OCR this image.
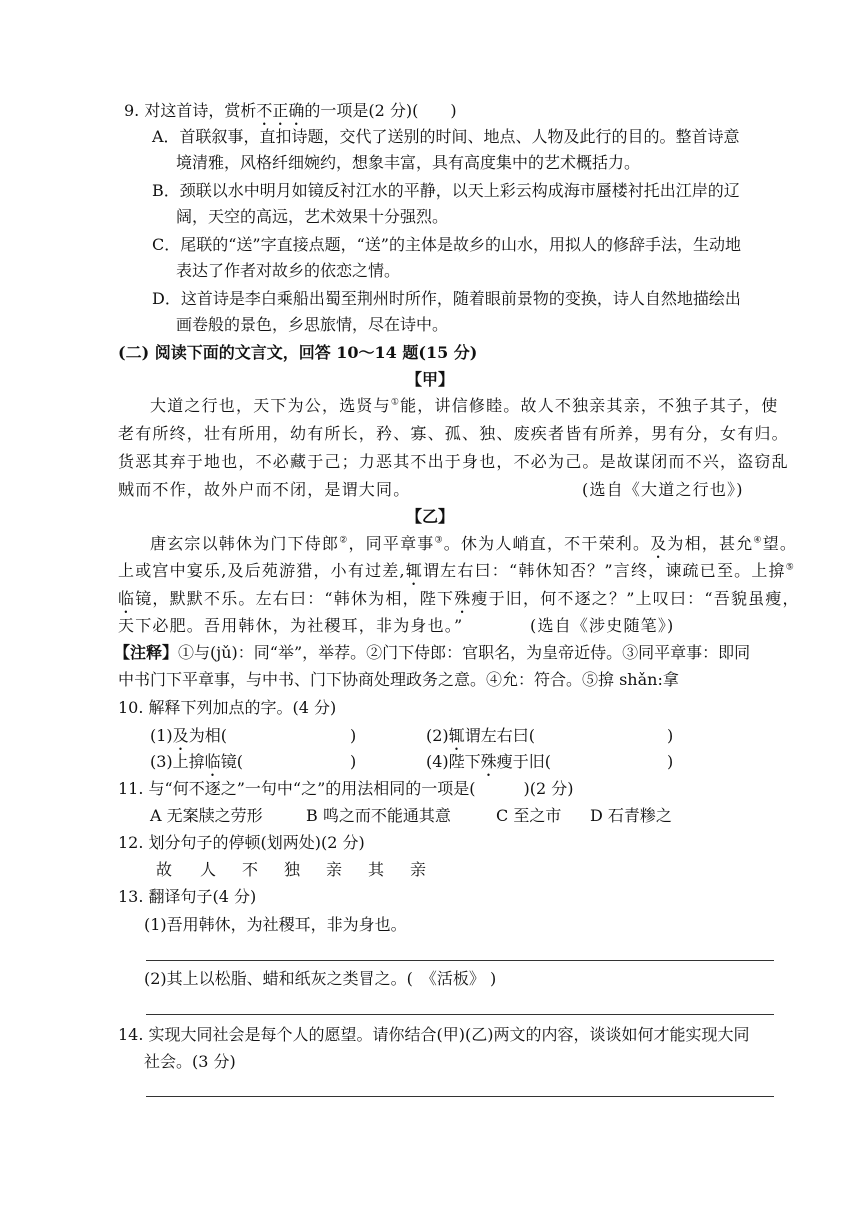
9. 对这首诗，赏析不正确的一项是(2 分)(　　)
A．首联叙事，直扣诗题，交代了送别的时间、地点、人物及此行的目的。整首诗意
境清雅，风格纤细婉约，想象丰富，具有高度集中的艺术概括力。
B．颈联以水中明月如镜反衬江水的平静，以天上彩云构成海市蜃楼衬托出江岸的辽
阔，天空的高远，艺术效果十分强烈。
C．尾联的“送”字直接点题，“送”的主体是故乡的山水，用拟人的修辞手法，生动地
表达了作者对故乡的依恋之情。
D．这首诗是李白乘船出蜀至荆州时所作，随着眼前景物的变换，诗人自然地描绘出
画卷般的景色，乡思旅情，尽在诗中。
(二) 阅读下面的文言文，回答 10～14 题(15 分)
【甲】
大道之行也，天下为公，选贤与①能，讲信修睦。故人不独亲其亲，不独子其子，使
老有所终，壮有所用，幼有所长，矜、寡、孤、独、废疾者皆有所养，男有分，女有归。
货恶其弃于地也，不必藏于己；力恶其不出于身也，不必为己。是故谋闭而不兴，盗窃乱
贼而不作，故外户而不闭，是谓大同。	(选自《大道之行也》)
【乙】
唐玄宗以韩休为门下侍郎②，同平章事③。休为人峭直，不干荣利。及为相，甚允④望。
上或宫中宴乐,及后苑游猎，小有过差,辄谓左右曰：“韩休知否？”言终，谏疏已至。上揜⑤
临镜，默默不乐。左右曰：“韩休为相，陛下殊瘦于旧，何不逐之？”上叹曰：“吾貌虽瘦，
天下必肥。吾用韩休，为社稷耳，非为身也。”	(选自《涉史随笔》)
【注释】①与(jǔ)：同“举”，举荐。②门下侍郎：官职名，为皇帝近侍。③同平章事：即同
中书门下平章事，与中书、门下协商处理政务之意。④允：符合。⑤揜 shǎn:拿
10. 解释下列加点的字。(4 分)
(1)及为相(	)	(2)辄谓左右曰(	)
(3)上揜临镜(	)	(4)陛下殊瘦于旧(	)
11. 与“何不逐之”一句中“之”的用法相同的一项是(　　　)(2 分)
A 无案牍之劳形	B 鸣之而不能通其意	C 至之市 D 石青糁之
12. 划分句子的停顿(划两处)(2 分)
故 人 不 独 亲 其 亲
13. 翻译句子(4 分)
(1)吾用韩休，为社稷耳，非为身也。
(2)其上以松脂、蜡和纸灰之类冒之。(　《活板》 )
14. 实现大同社会是每个人的愿望。请你结合(甲)(乙)两文的内容，谈谈如何才能实现大同
社会。(3 分)
